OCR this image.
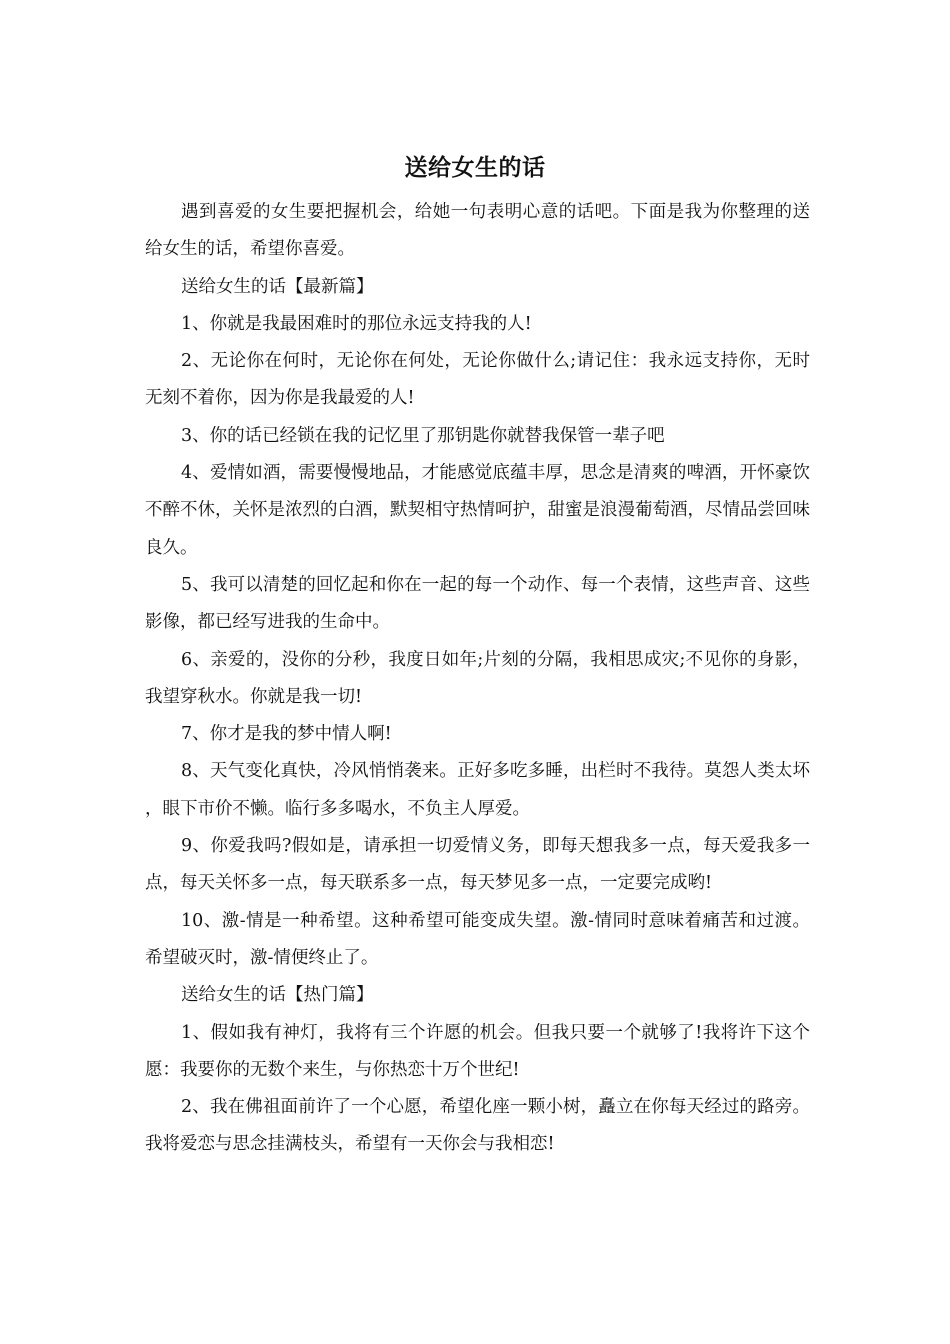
送给女生的话

遇到喜爱的女生要把握机会，给她一句表明心意的话吧。下面是我为你整理的送给女生的话，希望你喜爱。

送给女生的话【最新篇】

1、你就是我最困难时的那位永远支持我的人!

2、无论你在何时，无论你在何处，无论你做什么;请记住：我永远支持你，无时无刻不着你，因为你是我最爱的人!

3、你的话已经锁在我的记忆里了那钥匙你就替我保管一辈子吧

4、爱情如酒，需要慢慢地品，才能感觉底蕴丰厚，思念是清爽的啤酒，开怀豪饮不醉不休，关怀是浓烈的白酒，默契相守热情呵护，甜蜜是浪漫葡萄酒，尽情品尝回味良久。

5、我可以清楚的回忆起和你在一起的每一个动作、每一个表情，这些声音、这些影像，都已经写进我的生命中。

6、亲爱的，没你的分秒，我度日如年;片刻的分隔，我相思成灾;不见你的身影，我望穿秋水。你就是我一切!

7、你才是我的梦中情人啊!

8、天气变化真快，冷风悄悄袭来。正好多吃多睡，出栏时不我待。莫怨人类太坏，眼下市价不懒。临行多多喝水，不负主人厚爱。

9、你爱我吗?假如是，请承担一切爱情义务，即每天想我多一点，每天爱我多一点，每天关怀多一点，每天联系多一点，每天梦见多一点，一定要完成哟!

10、激-情是一种希望。这种希望可能变成失望。激-情同时意味着痛苦和过渡。希望破灭时，激-情便终止了。

送给女生的话【热门篇】

1、假如我有神灯，我将有三个许愿的机会。但我只要一个就够了!我将许下这个愿：我要你的无数个来生，与你热恋十万个世纪!

2、我在佛祖面前许了一个心愿，希望化座一颗小树，矗立在你每天经过的路旁。我将爱恋与思念挂满枝头，希望有一天你会与我相恋!
